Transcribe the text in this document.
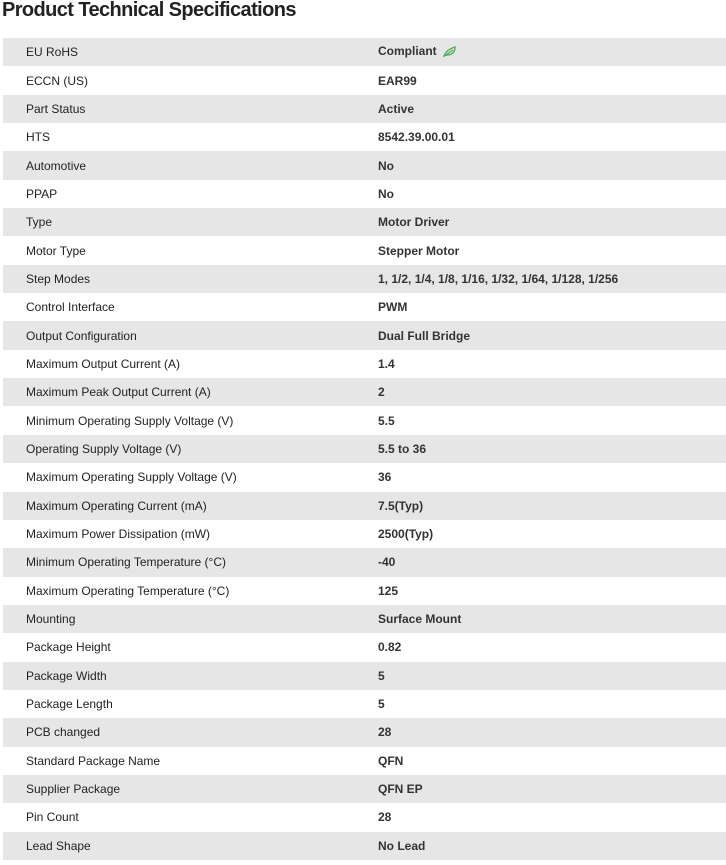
Product Technical Specifications
EU RoHS	Compliant
ECCN (US)	EAR99
Part Status	Active
HTS	8542.39.00.01
Automotive	No
PPAP	No
Type	Motor Driver
Motor Type	Stepper Motor
Step Modes	1, 1/2, 1/4, 1/8, 1/16, 1/32, 1/64, 1/128, 1/256
Control Interface	PWM
Output Configuration	Dual Full Bridge
Maximum Output Current (A)	1.4
Maximum Peak Output Current (A)	2
Minimum Operating Supply Voltage (V)	5.5
Operating Supply Voltage (V)	5.5 to 36
Maximum Operating Supply Voltage (V)	36
Maximum Operating Current (mA)	7.5(Typ)
Maximum Power Dissipation (mW)	2500(Typ)
Minimum Operating Temperature (°C)	-40
Maximum Operating Temperature (°C)	125
Mounting	Surface Mount
Package Height	0.82
Package Width	5
Package Length	5
PCB changed	28
Standard Package Name	QFN
Supplier Package	QFN EP
Pin Count	28
Lead Shape	No Lead
